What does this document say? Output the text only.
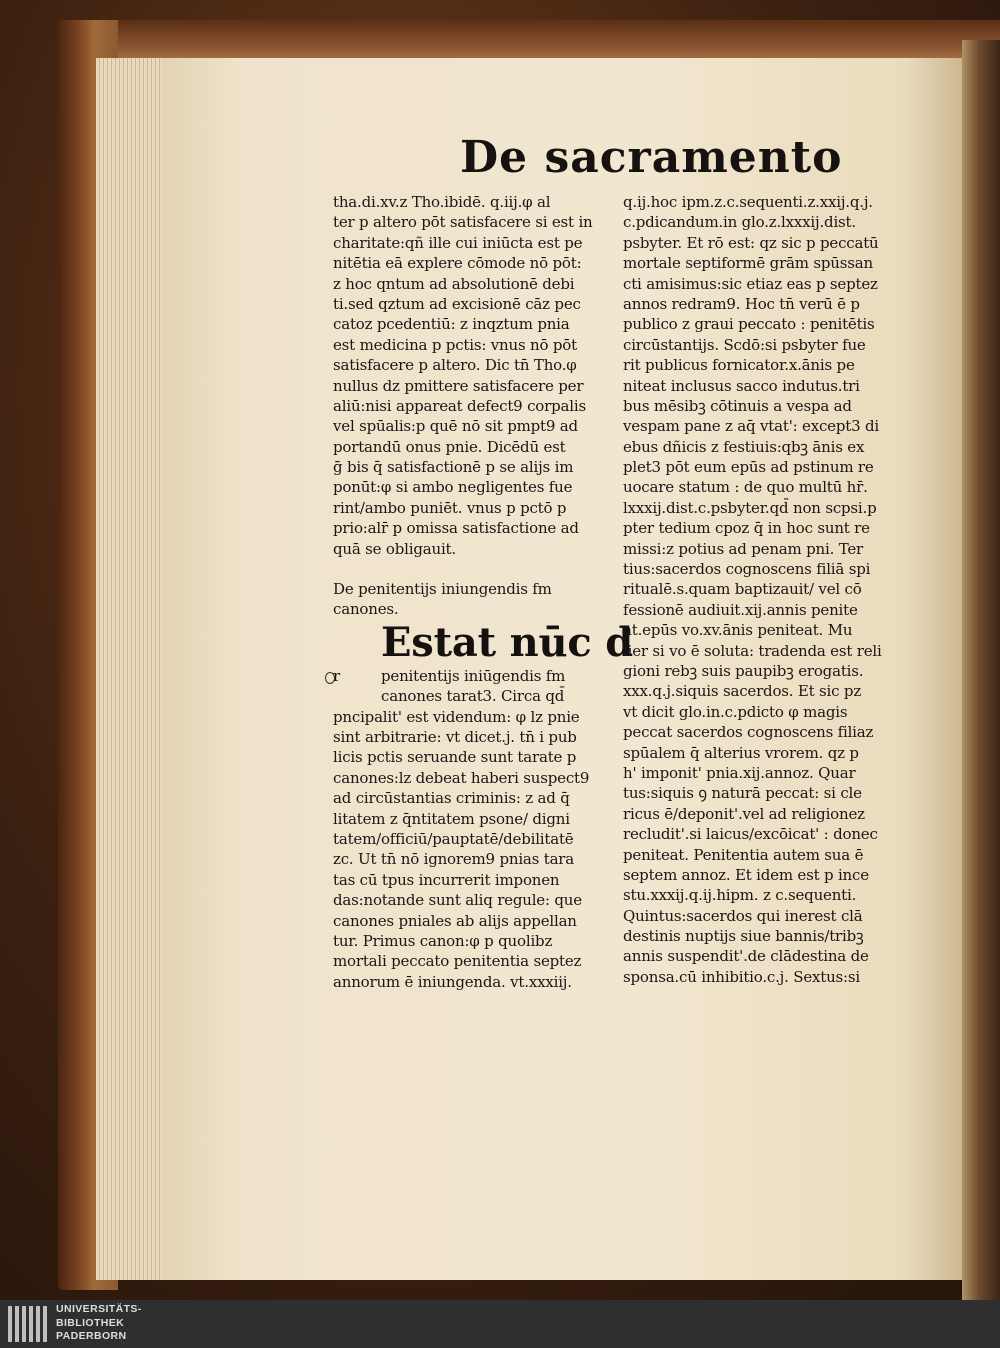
De sacramento
tha.di.xv.z Tho.ibidē. q.iij.φ al
ter p altero pōt satisfacere si est in
charitate:qñ ille cui iniūcta est pe
nitētia eā explere cōmode nō pōt:
z hoc qntum ad absolutionē debi
ti.sed qztum ad excisionē cāz pec
catoz pcedentiū: z inqztum pnia
est medicina p pctis: vnus nō pōt
satisfacere p altero. Dic tn̄ Tho.φ
nullus dz pmittere satisfacere per
aliū:nisi appareat defect9 corpalis
vel spūalis:p quē nō sit pmpt9 ad
portandū onus pnie. Dicēdū est
ḡ bis q̄ satisfactionē p se alijs im
ponūt:φ si ambo negligentes fue
rint/ambo puniēt. vnus p pctō p
prio:alr̄ p omissa satisfactione ad
quā se obligauit.
De penitentijs iniungendis fm
canones.
Estat nūc d
r	penitentijs iniūgendis fm
canones tarat3. Circa qd̄
pncipalit' est videndum: φ lz pnie
sint arbitrarie: vt dicet.j. tn̄ i pub
licis pctis seruande sunt tarate p
canones:lz debeat haberi suspect9
ad circūstantias criminis: z ad q̄
litatem z q̄ntitatem psone/ digni
tatem/officiū/pauptatē/debilitatē
zc. Ut tn̄ nō ignorem9 pnias tara
tas cū tpus incurrerit imponen
das:notande sunt aliq regule: que
canones pniales ab alijs appellan
tur. Primus canon:φ p quolibz
mortali peccato penitentia septez
annorum ē iniungenda. vt.xxxiij.
q.ij.hoc ipm.z.c.sequenti.z.xxij.q.j.
c.pdicandum.in glo.z.lxxxij.dist.
psbyter. Et rō est: qz sic p peccatū
mortale septiformē grām spūssan
cti amisimus:sic etiaz eas p septez
annos redram9. Hoc tn̄ verū ē p
publico z graui peccato : penitētis
circūstantijs. Scdō:si psbyter fue
rit publicus fornicator.x.ānis pe
niteat inclusus sacco indutus.tri
bus mēsibꝫ cōtinuis a vespa ad
vespam pane z aq̄ vtat': except3 di
ebus dñicis z festiuis:qbꝫ ānis ex
plet3 pōt eum epūs ad pstinum re
uocare statum : de quo multū hr̄.
lxxxij.dist.c.psbyter.qd̄ non scpsi.p
pter tedium cpoz q̄ in hoc sunt re
missi:z potius ad penam pni. Ter
tius:sacerdos cognoscens filiā spi
ritualē.s.quam baptizauit/ vel cō
fessionē audiuit.xij.annis penite
at.epūs vo.xv.ānis peniteat. Mu
lier si vo ē soluta: tradenda est reli
gioni rebꝫ suis paupibꝫ erogatis.
xxx.q.j.siquis sacerdos. Et sic pz
vt dicit glo.in.c.pdicto φ magis
peccat sacerdos cognoscens filiaz
spūalem q̄ alterius vrorem. qz p
h' imponit' pnia.xij.annoz. Quar
tus:siquis ꝯ naturā peccat: si cle
ricus ē/deponit'.vel ad religionez
recludit'.si laicus/excōicat' : donec
peniteat. Penitentia autem sua ē
septem annoz. Et idem est p ince
stu.xxxij.q.ij.hipm. z c.sequenti.
Quintus:sacerdos qui inerest clā
destinis nuptijs siue bannis/tribꝫ
annis suspendit'.de clādestina de
sponsa.cū inhibitio.c.j. Sextus:si
UNIVERSITÄTS-
BIBLIOTHEK
PADERBORN
